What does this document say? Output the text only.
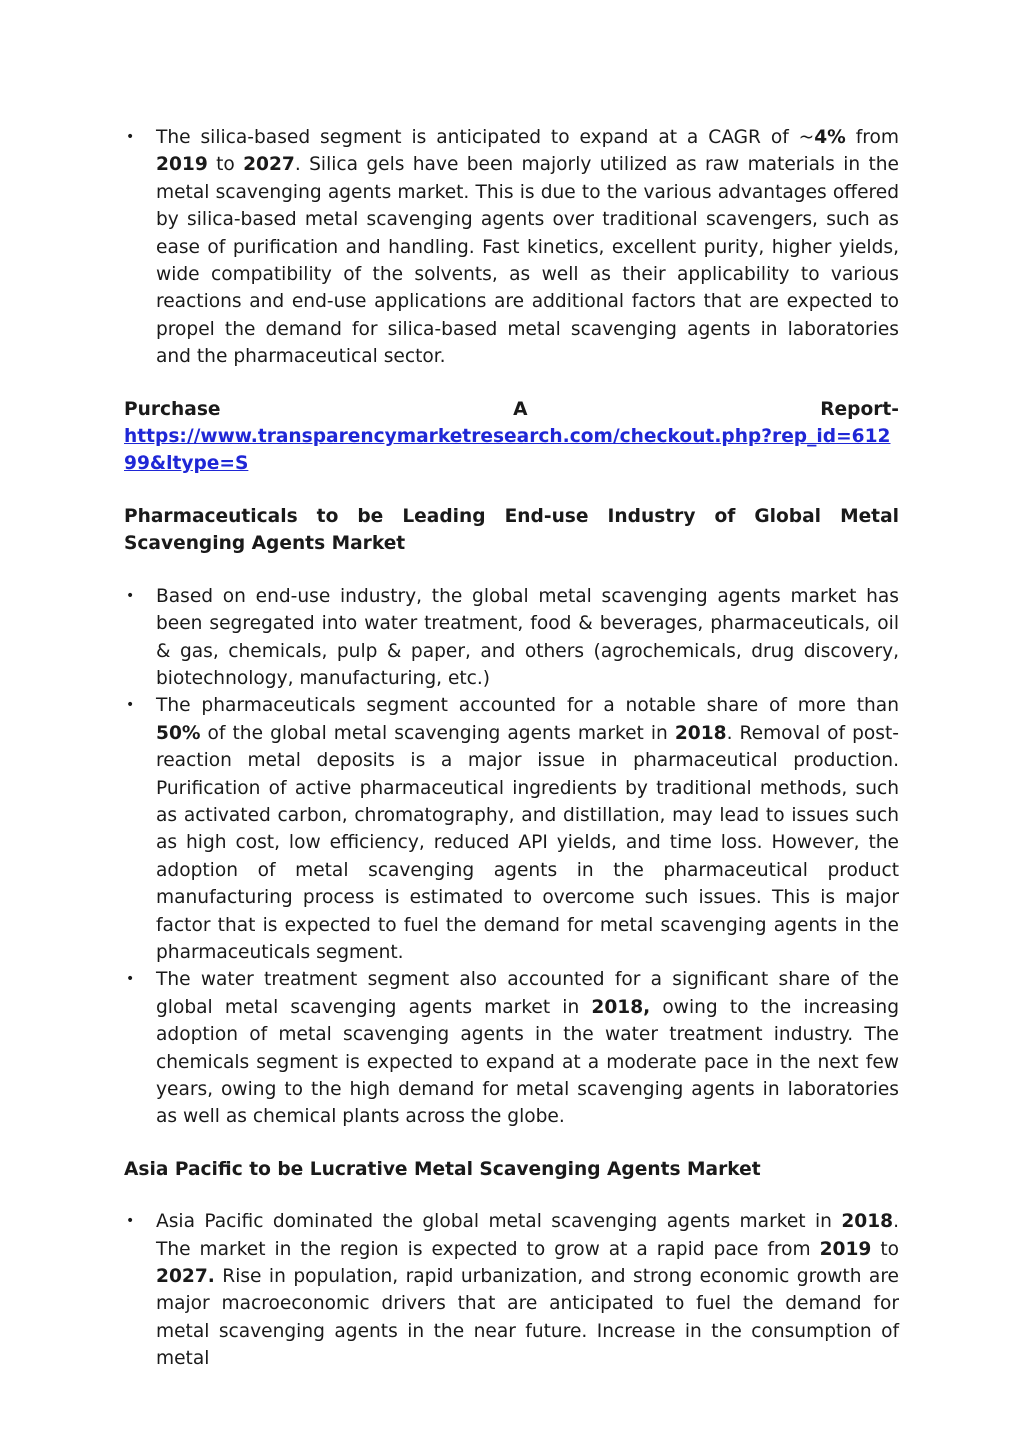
• The silica-based segment is anticipated to expand at a CAGR of ~4% from 2019 to 2027. Silica gels have been majorly utilized as raw materials in the metal scavenging agents market. This is due to the various advantages offered by silica-based metal scavenging agents over traditional scavengers, such as ease of purification and handling. Fast kinetics, excellent purity, higher yields, wide compatibility of the solvents, as well as their applicability to various reactions and end-use applications are additional factors that are expected to propel the demand for silica-based metal scavenging agents in laboratories and the pharmaceutical sector.
Purchase	A	Report-
https://www.transparencymarketresearch.com/checkout.php?rep_id=61299&ltype=S
Pharmaceuticals to be Leading End-use Industry of Global Metal Scavenging Agents Market
• Based on end-use industry, the global metal scavenging agents market has been segregated into water treatment, food & beverages, pharmaceuticals, oil & gas, chemicals, pulp & paper, and others (agrochemicals, drug discovery, biotechnology, manufacturing, etc.)
• The pharmaceuticals segment accounted for a notable share of more than 50% of the global metal scavenging agents market in 2018. Removal of post-reaction metal deposits is a major issue in pharmaceutical production. Purification of active pharmaceutical ingredients by traditional methods, such as activated carbon, chromatography, and distillation, may lead to issues such as high cost, low efficiency, reduced API yields, and time loss. However, the adoption of metal scavenging agents in the pharmaceutical product manufacturing process is estimated to overcome such issues. This is major factor that is expected to fuel the demand for metal scavenging agents in the pharmaceuticals segment.
• The water treatment segment also accounted for a significant share of the global metal scavenging agents market in 2018, owing to the increasing adoption of metal scavenging agents in the water treatment industry. The chemicals segment is expected to expand at a moderate pace in the next few years, owing to the high demand for metal scavenging agents in laboratories as well as chemical plants across the globe.
Asia Pacific to be Lucrative Metal Scavenging Agents Market
• Asia Pacific dominated the global metal scavenging agents market in 2018. The market in the region is expected to grow at a rapid pace from 2019 to 2027. Rise in population, rapid urbanization, and strong economic growth are major macroeconomic drivers that are anticipated to fuel the demand for metal scavenging agents in the near future. Increase in the consumption of metal
